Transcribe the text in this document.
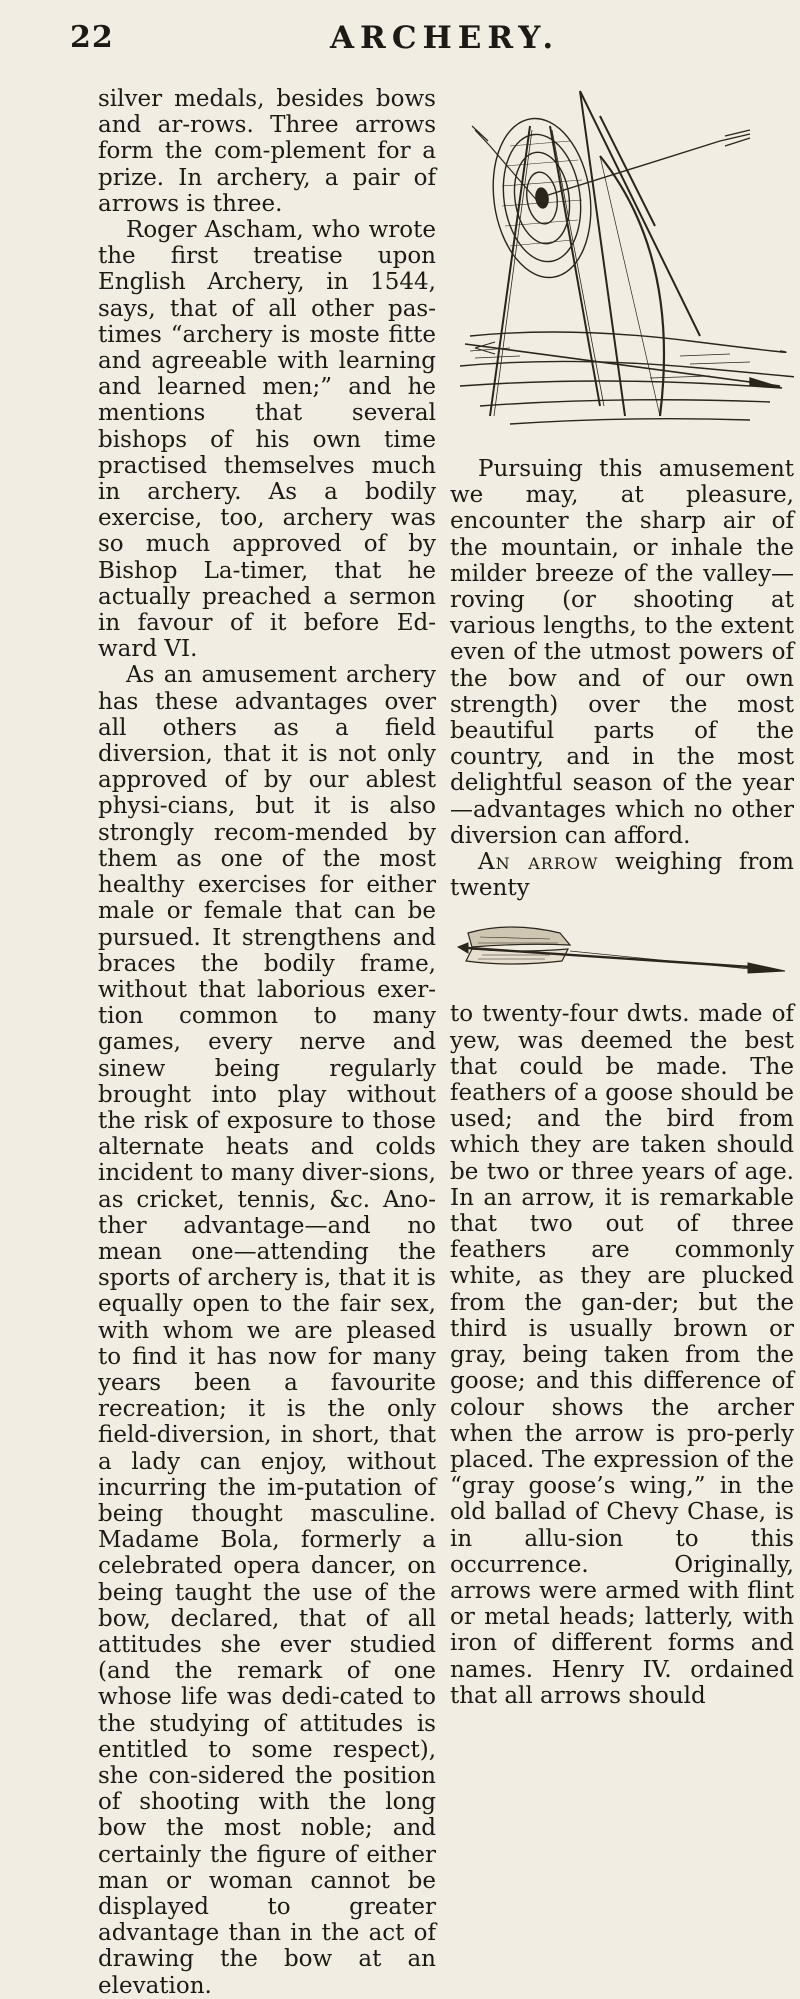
22	ARCHERY.

silver medals, besides bows and ar-rows. Three arrows form the com-plement for a prize. In archery, a pair of arrows is three.

Roger Ascham, who wrote the first treatise upon English Archery, in 1544, says, that of all other pas-times “archery is moste fitte and agreeable with learning and learned men;” and he mentions that several bishops of his own time practised themselves much in archery. As a bodily exercise, too, archery was so much approved of by Bishop La-timer, that he actually preached a sermon in favour of it before Ed-ward VI.

As an amusement archery has these advantages over all others as a field diversion, that it is not only approved of by our ablest physi-cians, but it is also strongly recom-mended by them as one of the most healthy exercises for either male or female that can be pursued. It strengthens and braces the bodily frame, without that laborious exer-tion common to many games, every nerve and sinew being regularly brought into play without the risk of exposure to those alternate heats and colds incident to many diver-sions, as cricket, tennis, &c. Ano-ther advantage—and no mean one—attending the sports of archery is, that it is equally open to the fair sex, with whom we are pleased to find it has now for many years been a favourite recreation; it is the only field-diversion, in short, that a lady can enjoy, without incurring the im-putation of being thought masculine. Madame Bola, formerly a celebrated opera dancer, on being taught the use of the bow, declared, that of all attitudes she ever studied (and the remark of one whose life was dedi-cated to the studying of attitudes is entitled to some respect), she con-sidered the position of shooting with the long bow the most noble; and certainly the figure of either man or woman cannot be displayed to greater advantage than in the act of drawing the bow at an elevation.

Pursuing this amusement we may, at pleasure, encounter the sharp air of the mountain, or inhale the milder breeze of the valley—roving (or shooting at various lengths, to the extent even of the utmost powers of the bow and of our own strength) over the most beautiful parts of the country, and in the most delightful season of the year—advantages which no other diversion can afford.

An arrow weighing from twenty

to twenty-four dwts. made of yew, was deemed the best that could be made. The feathers of a goose should be used; and the bird from which they are taken should be two or three years of age. In an arrow, it is remarkable that two out of three feathers are commonly white, as they are plucked from the gan-der; but the third is usually brown or gray, being taken from the goose; and this difference of colour shows the archer when the arrow is pro-perly placed. The expression of the “gray goose’s wing,” in the old ballad of Chevy Chase, is in allu-sion to this occurrence. Originally, arrows were armed with flint or metal heads; latterly, with iron of different forms and names. Henry IV. ordained that all arrows should
